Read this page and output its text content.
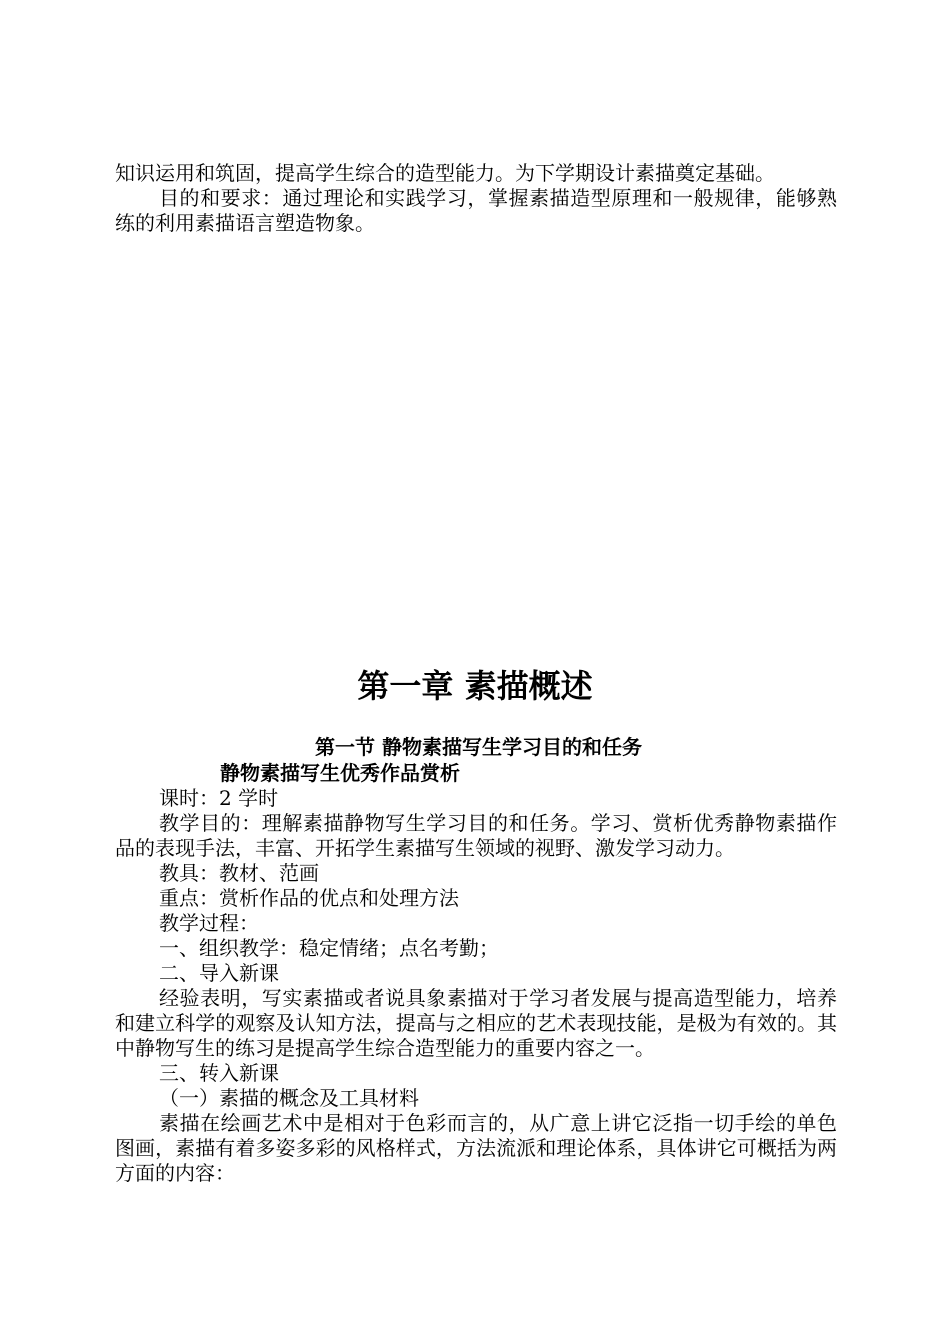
知识运用和筑固，提高学生综合的造型能力。为下学期设计素描奠定基础。

目的和要求：通过理论和实践学习，掌握素描造型原理和一般规律，能够熟练的利用素描语言塑造物象。

第一章 素描概述
第一节 静物素描写生学习目的和任务
静物素描写生优秀作品赏析

课时：2 学时

教学目的：理解素描静物写生学习目的和任务。学习、赏析优秀静物素描作品的表现手法，丰富、开拓学生素描写生领域的视野、激发学习动力。

教具：教材、范画

重点：赏析作品的优点和处理方法

教学过程：

一、组织教学：稳定情绪；点名考勤；

二、导入新课

经验表明，写实素描或者说具象素描对于学习者发展与提高造型能力，培养和建立科学的观察及认知方法，提高与之相应的艺术表现技能，是极为有效的。其中静物写生的练习是提高学生综合造型能力的重要内容之一。

三、转入新课

（一）素描的概念及工具材料

素描在绘画艺术中是相对于色彩而言的，从广意上讲它泛指一切手绘的单色图画，素描有着多姿多彩的风格样式，方法流派和理论体系，具体讲它可概括为两方面的内容：
